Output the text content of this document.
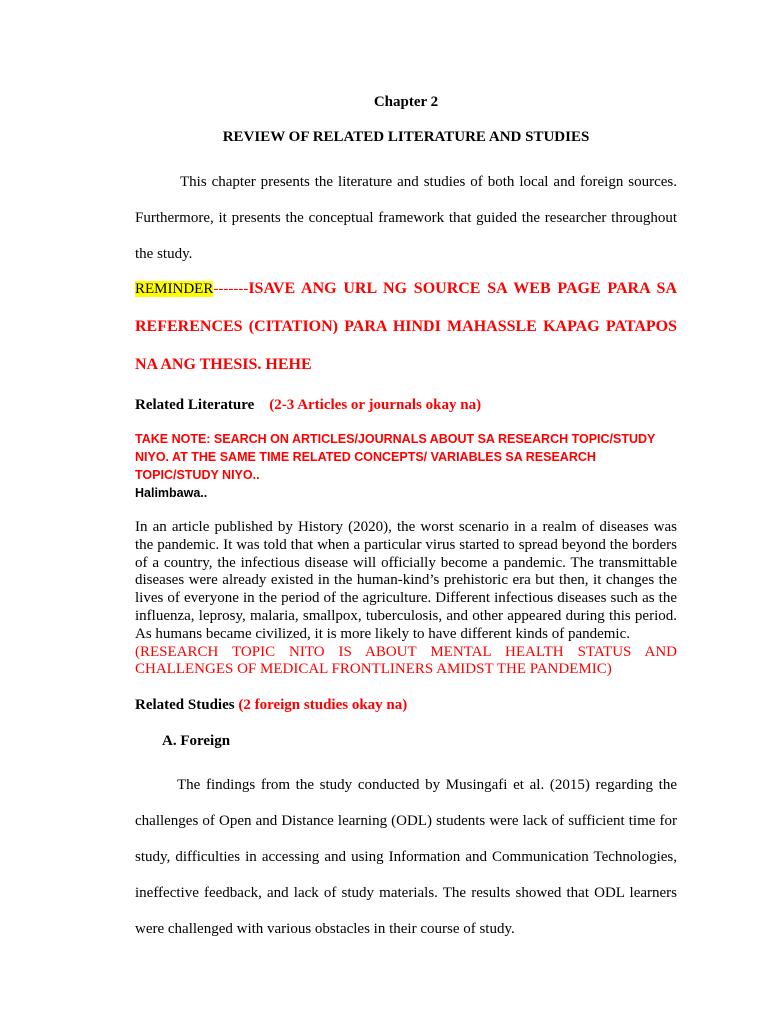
Chapter 2

REVIEW OF RELATED LITERATURE AND STUDIES

This chapter presents the literature and studies of both local and foreign sources. Furthermore, it presents the conceptual framework that guided the researcher throughout the study.

REMINDER-------ISAVE ANG URL NG SOURCE SA WEB PAGE PARA SA REFERENCES (CITATION) PARA HINDI MAHASSLE KAPAG PATAPOS NA ANG THESIS. HEHE

Related Literature (2-3 Articles or journals okay na)

TAKE NOTE: SEARCH ON ARTICLES/JOURNALS ABOUT SA RESEARCH TOPIC/STUDY NIYO. AT THE SAME TIME RELATED CONCEPTS/ VARIABLES SA RESEARCH TOPIC/STUDY NIYO..

Halimbawa..

In an article published by History (2020), the worst scenario in a realm of diseases was the pandemic. It was told that when a particular virus started to spread beyond the borders of a country, the infectious disease will officially become a pandemic. The transmittable diseases were already existed in the human-kind’s prehistoric era but then, it changes the lives of everyone in the period of the agriculture. Different infectious diseases such as the influenza, leprosy, malaria, smallpox, tuberculosis, and other appeared during this period. As humans became civilized, it is more likely to have different kinds of pandemic.
(RESEARCH TOPIC NITO IS ABOUT MENTAL HEALTH STATUS AND CHALLENGES OF MEDICAL FRONTLINERS AMIDST THE PANDEMIC)

Related Studies (2 foreign studies okay na)

A. Foreign

The findings from the study conducted by Musingafi et al. (2015) regarding the challenges of Open and Distance learning (ODL) students were lack of sufficient time for study, difficulties in accessing and using Information and Communication Technologies, ineffective feedback, and lack of study materials. The results showed that ODL learners were challenged with various obstacles in their course of study.
